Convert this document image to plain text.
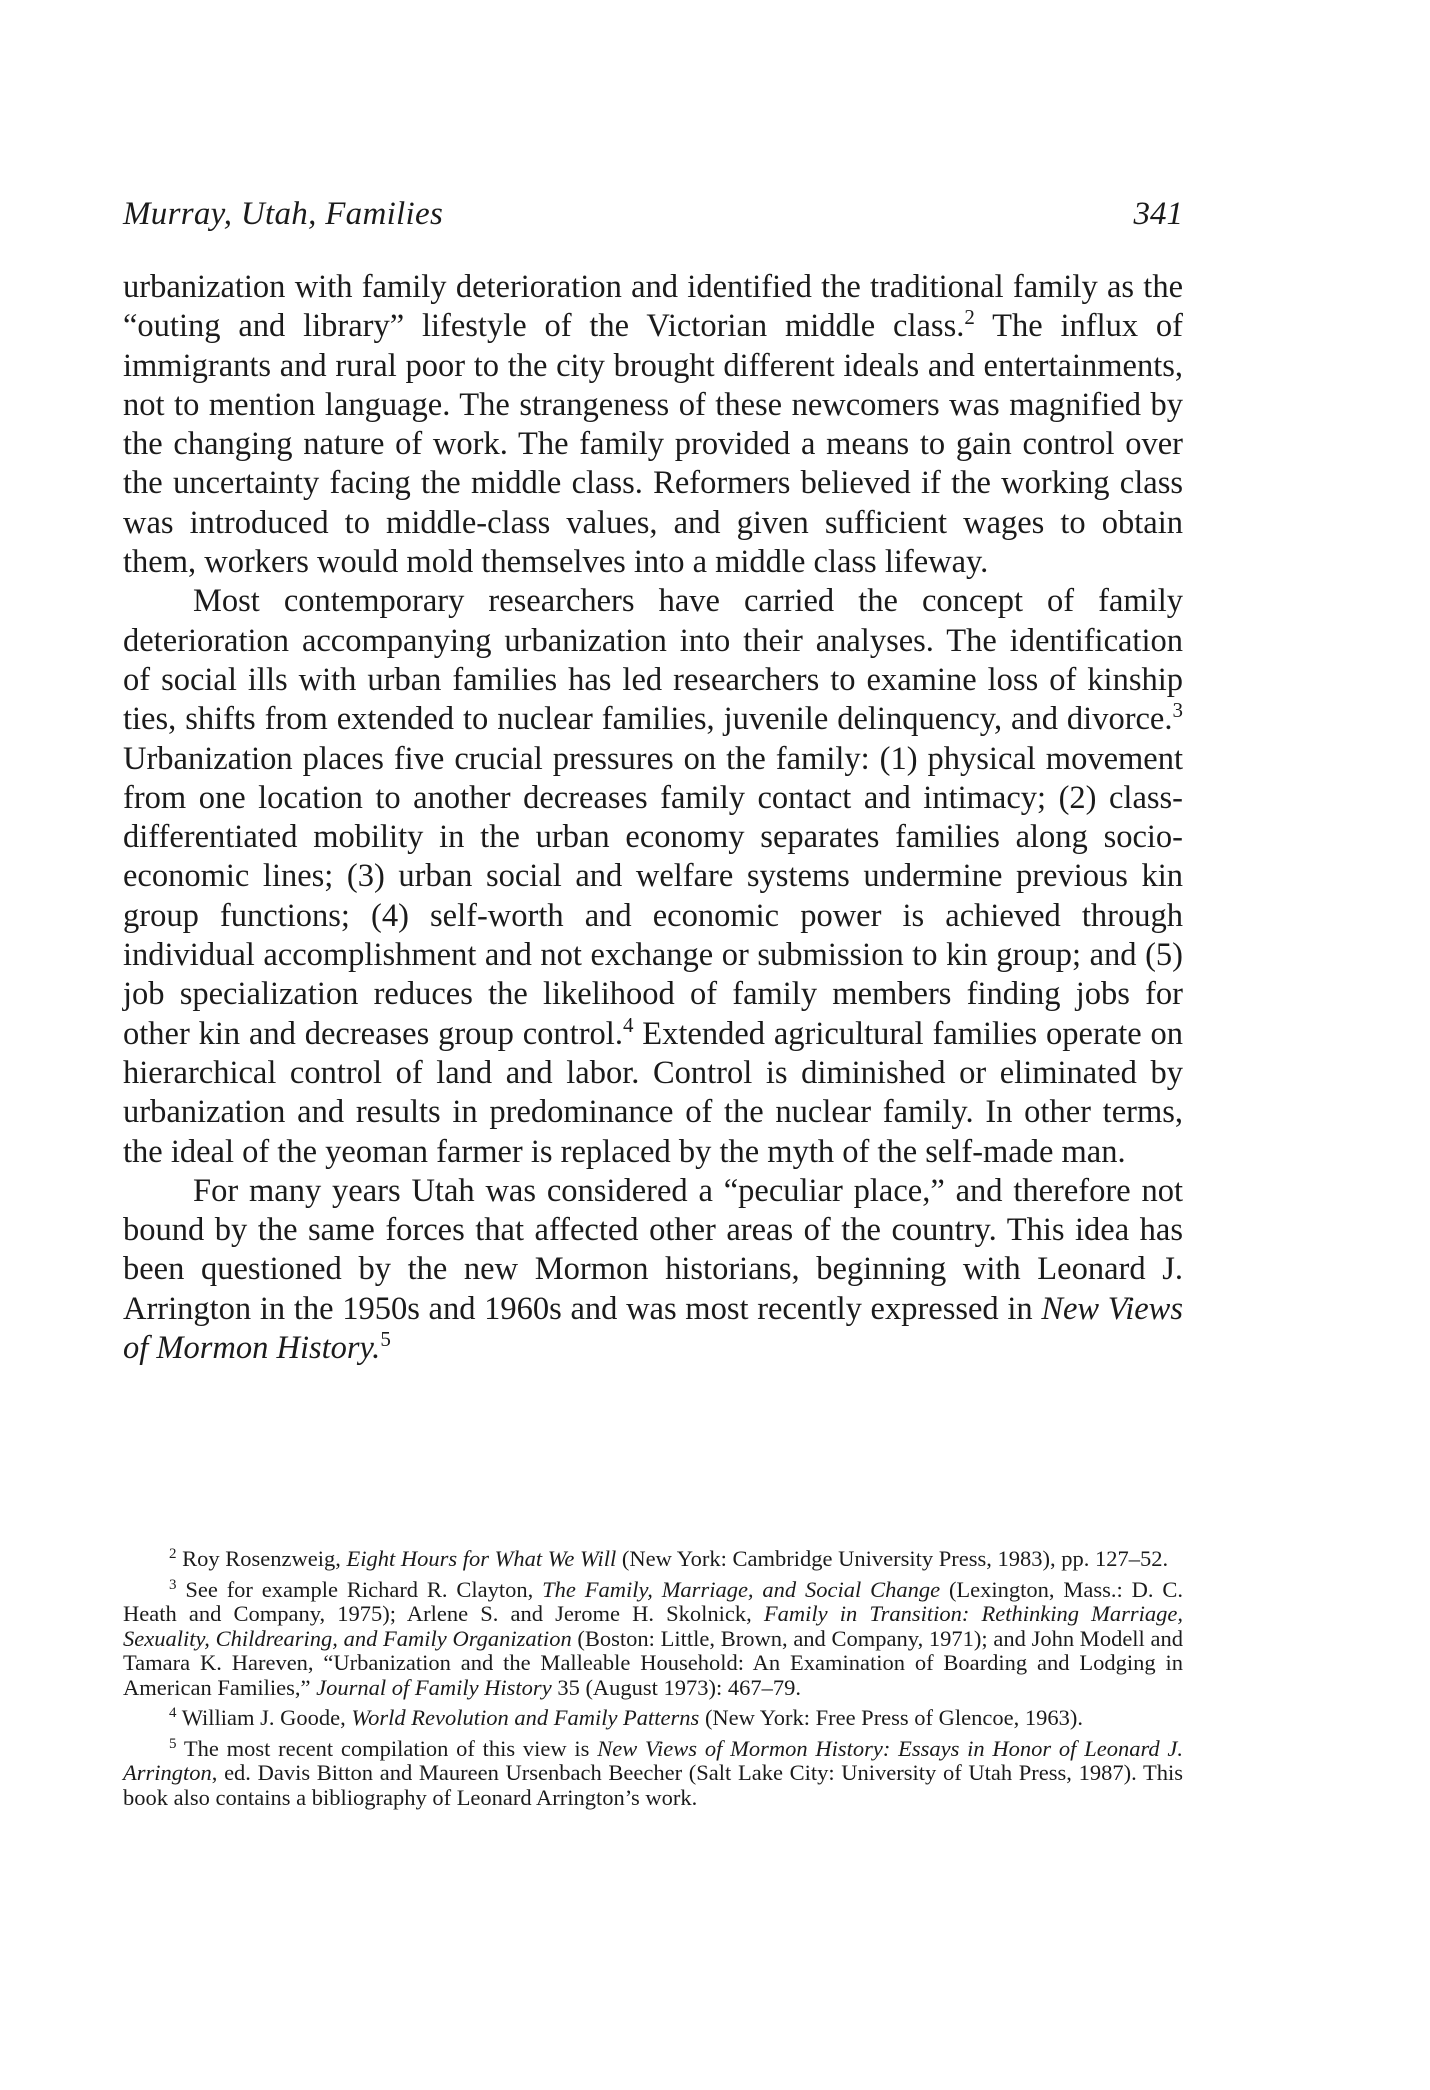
Murray, Utah, Families	341

urbanization with family deterioration and identified the traditional family as the “outing and library” lifestyle of the Victorian middle class.$^2$ The influx of immigrants and rural poor to the city brought different ideals and entertainments, not to mention language. The strangeness of these newcomers was magnified by the changing nature of work. The family provided a means to gain control over the uncertainty facing the middle class. Reformers believed if the working class was introduced to middle-class values, and given sufficient wages to obtain them, workers would mold themselves into a middle class lifeway.

Most contemporary researchers have carried the concept of family deterioration accompanying urbanization into their analyses. The identification of social ills with urban families has led researchers to examine loss of kinship ties, shifts from extended to nuclear families, juvenile delinquency, and divorce.$^3$ Urbanization places five crucial pressures on the family: (1) physical movement from one location to another decreases family contact and intimacy; (2) class-differentiated mobility in the urban economy separates families along socio-economic lines; (3) urban social and welfare systems undermine previous kin group functions; (4) self-worth and economic power is achieved through individual accomplishment and not exchange or submission to kin group; and (5) job specialization reduces the likelihood of family members finding jobs for other kin and decreases group control.$^4$ Extended agricultural families operate on hierarchical control of land and labor. Control is diminished or eliminated by urbanization and results in predominance of the nuclear family. In other terms, the ideal of the yeoman farmer is replaced by the myth of the self-made man.

For many years Utah was considered a “peculiar place,” and therefore not bound by the same forces that affected other areas of the country. This idea has been questioned by the new Mormon historians, beginning with Leonard J. Arrington in the 1950s and 1960s and was most recently expressed in New Views of Mormon History.$^5$

$^2$ Roy Rosenzweig, Eight Hours for What We Will (New York: Cambridge University Press, 1983), pp. 127–52.

$^3$ See for example Richard R. Clayton, The Family, Marriage, and Social Change (Lexington, Mass.: D. C. Heath and Company, 1975); Arlene S. and Jerome H. Skolnick, Family in Transition: Rethinking Marriage, Sexuality, Childrearing, and Family Organization (Boston: Little, Brown, and Company, 1971); and John Modell and Tamara K. Hareven, “Urbanization and the Malleable Household: An Examination of Boarding and Lodging in American Families,” Journal of Family History 35 (August 1973): 467–79.

$^4$ William J. Goode, World Revolution and Family Patterns (New York: Free Press of Glencoe, 1963).

$^5$ The most recent compilation of this view is New Views of Mormon History: Essays in Honor of Leonard J. Arrington, ed. Davis Bitton and Maureen Ursenbach Beecher (Salt Lake City: University of Utah Press, 1987). This book also contains a bibliography of Leonard Arrington’s work.
